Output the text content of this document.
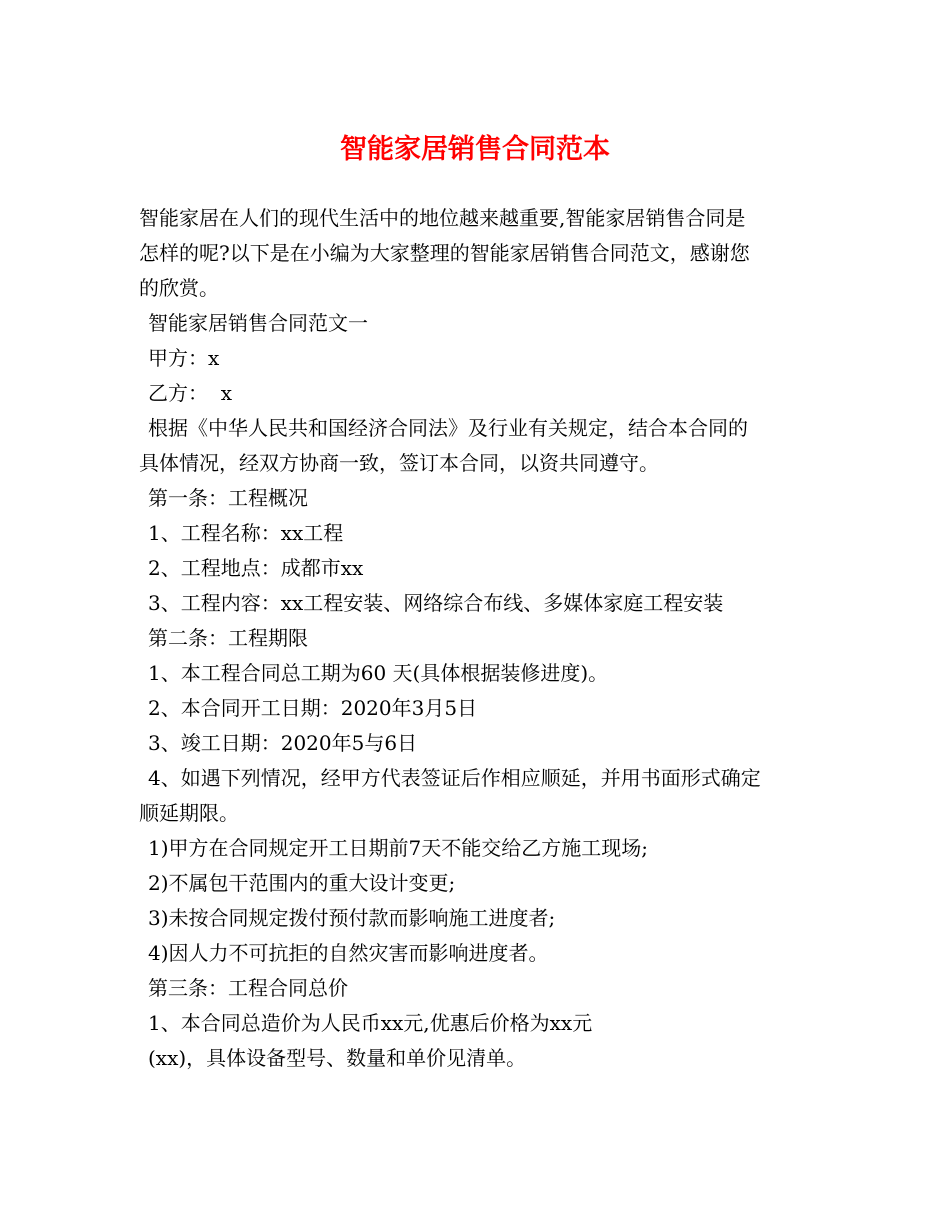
智能家居销售合同范本
智能家居在人们的现代生活中的地位越来越重要,智能家居销售合同是
怎样的呢?以下是在小编为大家整理的智能家居销售合同范文，感谢您
的欣赏。
智能家居销售合同范文一
甲方：x
乙方：  x
根据《中华人民共和国经济合同法》及行业有关规定，结合本合同的
具体情况，经双方协商一致，签订本合同，以资共同遵守。
第一条：工程概况
1、工程名称：xx工程
2、工程地点：成都市xx
3、工程内容：xx工程安装、网络综合布线、多媒体家庭工程安装
第二条：工程期限
1、本工程合同总工期为60 天(具体根据装修进度)。
2、本合同开工日期：2020年3月5日
3、竣工日期：2020年5与6日
4、如遇下列情况，经甲方代表签证后作相应顺延，并用书面形式确定
顺延期限。
1)甲方在合同规定开工日期前7天不能交给乙方施工现场;
2)不属包干范围内的重大设计变更;
3)未按合同规定拨付预付款而影响施工进度者;
4)因人力不可抗拒的自然灾害而影响进度者。
第三条：工程合同总价
1、本合同总造价为人民币xx元,优惠后价格为xx元
(xx)，具体设备型号、数量和单价见清单。
